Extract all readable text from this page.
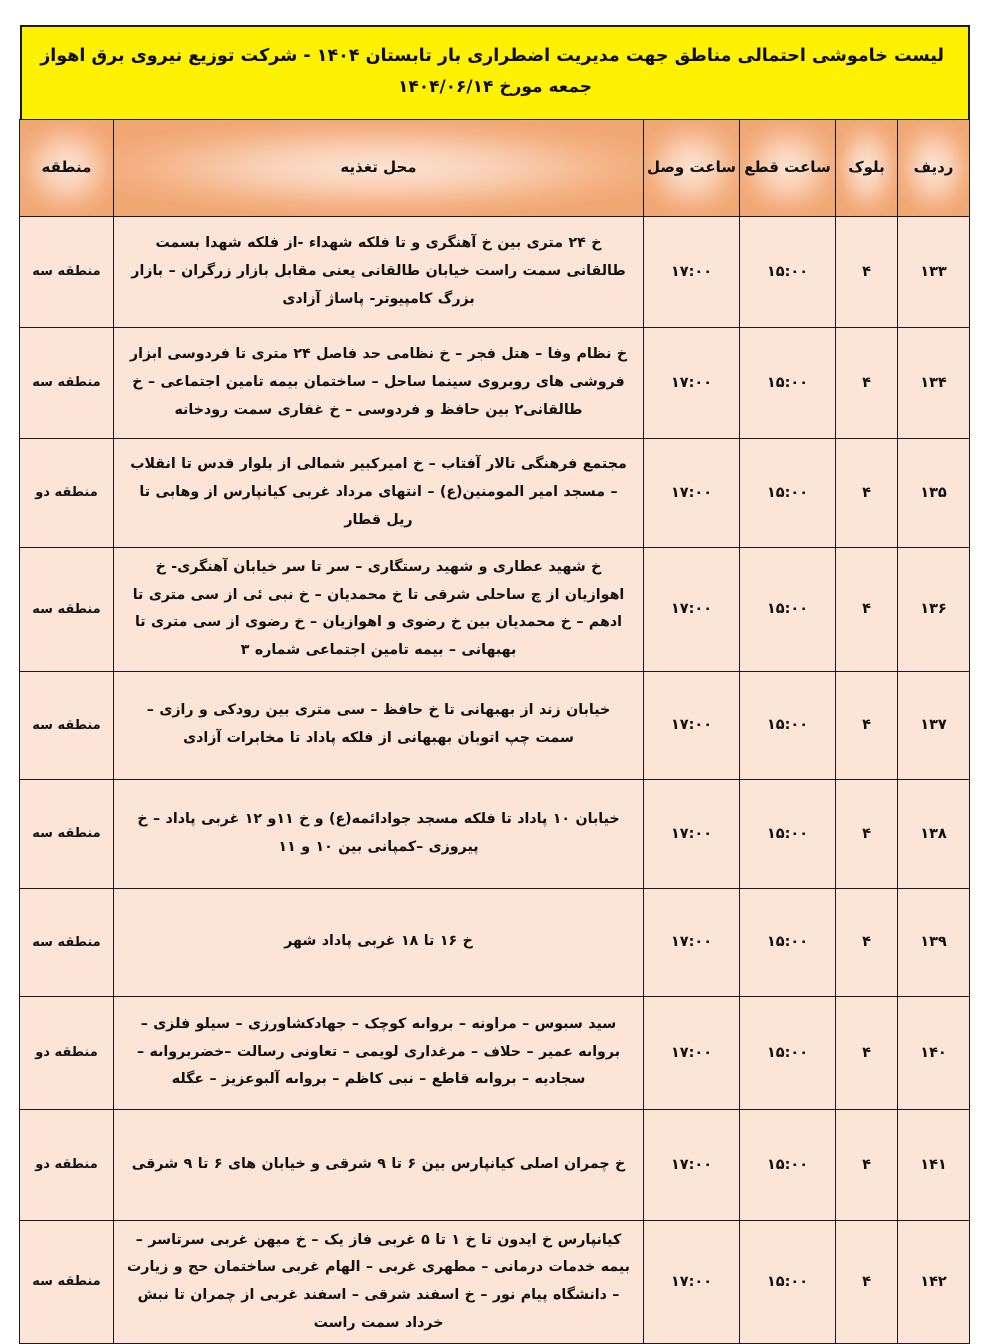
لیست خاموشی احتمالی مناطق جهت مدیریت اضطراری بار تابستان ۱۴۰۴ - شرکت توزیع نیروی برق اهواز
جمعه مورخ ۱۴۰۴/۰۶/۱۴
ردیف	بلوک	ساعت قطع	ساعت وصل	محل تغذیه	منطقه

۱۳۳	۴	۱۵:۰۰	۱۷:۰۰	خ ۲۴ متری بین خ آهنگری و تا فلکه شهداء -از فلکه شهدا بسمت طالقانی سمت راست خیابان طالقانی یعنی مقابل بازار زرگران – بازار بزرگ کامپیوتر- پاساژ آزادی	منطقه سه
۱۳۴	۴	۱۵:۰۰	۱۷:۰۰	خ نظام وفا – هتل فجر – خ نظامی حد فاصل ۲۴ متری تا فردوسی ابزار فروشی های روبروی سینما ساحل – ساختمان بیمه تامین اجتماعی – خ طالقانی۲ بین حافظ و فردوسی – خ غفاری سمت رودخانه	منطقه سه
۱۳۵	۴	۱۵:۰۰	۱۷:۰۰	مجتمع فرهنگی تالار آفتاب – خ امیرکبیر شمالی از بلوار قدس تا انقلاب – مسجد امیر المومنین(ع) – انتهای مرداد غربی کیانپارس از وهابی تا ریل قطار	منطقه دو
۱۳۶	۴	۱۵:۰۰	۱۷:۰۰	خ شهید عطاری و شهید رستگاری – سر تا سر خیابان آهنگری- خ اهوازیان از چ ساحلی شرقی تا خ محمدیان – خ نبی ئی از سی متری تا ادهم – خ محمدیان بین خ رضوی و اهوازیان – خ رضوی از سی متری تا بهبهانی – بیمه تامین اجتماعی شماره ۳	منطقه سه
۱۳۷	۴	۱۵:۰۰	۱۷:۰۰	خیابان زند از بهبهانی تا خ حافظ – سی متری بین رودکی و رازی – سمت چپ اتوبان بهبهانی از فلکه پاداد تا مخابرات آزادی	منطقه سه
۱۳۸	۴	۱۵:۰۰	۱۷:۰۰	خیابان ۱۰ پاداد تا فلکه مسجد جوادائمه(ع) و خ ۱۱و ۱۲ غربی پاداد – خ پیروزی –کمپانی بین ۱۰ و ۱۱	منطقه سه
۱۳۹	۴	۱۵:۰۰	۱۷:۰۰	خ ۱۶ تا ۱۸ غربی پاداد شهر	منطقه سه
۱۴۰	۴	۱۵:۰۰	۱۷:۰۰	سید سبوس – مراونه – برواىه کوچک – جهادکشاورزی – سیلو فلزی – برواىه عمیر – حلاف – مرغداری لویمی – تعاونی رسالت –خضربرواىه – سجادیه – برواىه قاطع – نبی کاظم – برواىه آلبوعزیز – عگله	منطقه دو
۱۴۱	۴	۱۵:۰۰	۱۷:۰۰	خ چمران اصلی کیانپارس بین ۶ تا ۹ شرقی و خیابان های ۶ تا ۹ شرقی	منطقه دو
۱۴۲	۴	۱۵:۰۰	۱۷:۰۰	کیانپارس خ ایدون تا خ ۱ تا ۵ غربی فاز یک – خ میهن غربی سرتاسر – بیمه خدمات درمانی – مطهری غربی – الهام غربی ساختمان حج و زیارت – دانشگاه پیام نور – خ اسفند شرقی – اسفند غربی از چمران تا نبش خرداد سمت راست	منطقه سه
